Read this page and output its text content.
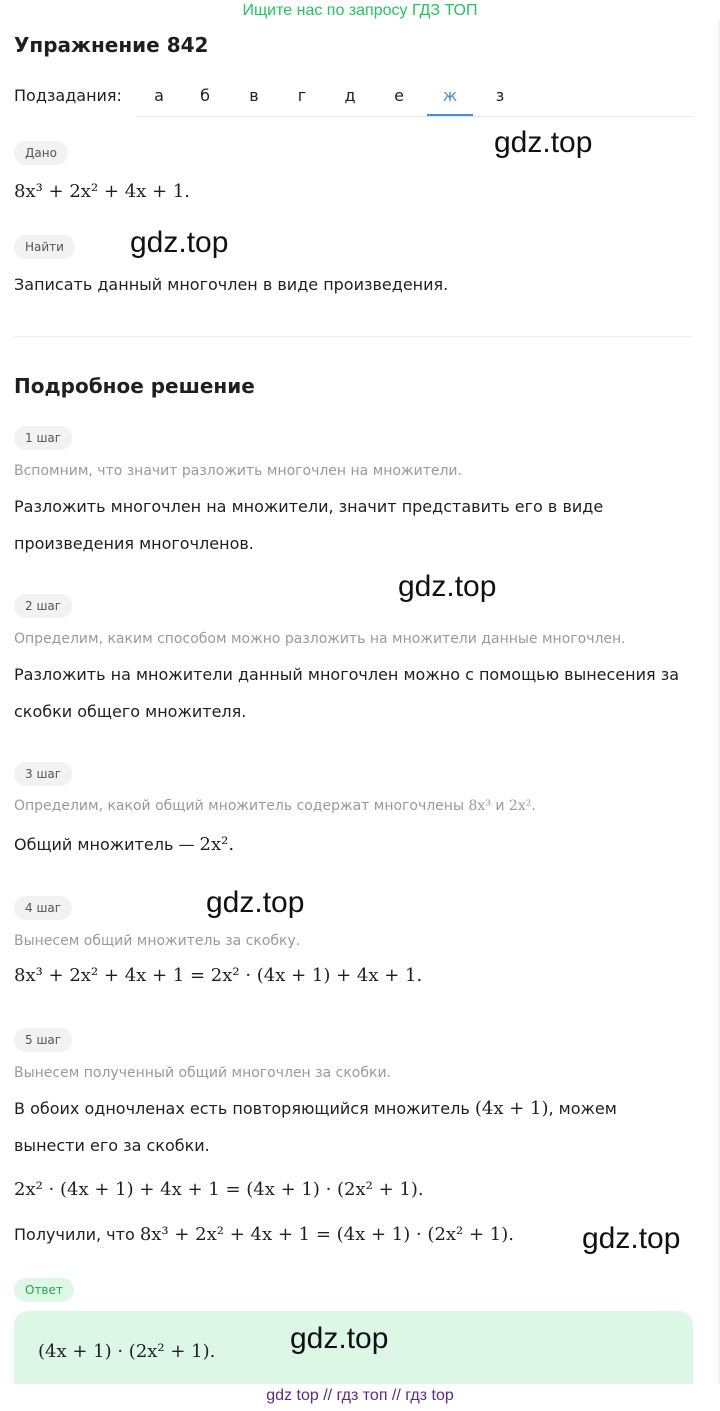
Ищите нас по запросу ГДЗ ТОП
Упражнение 842
Подзадания:	а	б	в	г	д	е	ж	з
gdz.top
Дано
8x³ + 2x² + 4x + 1.
Найти	gdz.top
Записать данный многочлен в виде произведения.
Подробное решение
1 шаг
Вспомним, что значит разложить многочлен на множители.
Разложить многочлен на множители, значит представить его в виде произведения многочленов.
gdz.top
2 шаг
Определим, каким способом можно разложить на множители данные многочлен.
Разложить на множители данный многочлен можно с помощью вынесения за скобки общего множителя.
3 шаг
Определим, какой общий множитель содержат многочлены 8x³ и 2x².
Общий множитель — 2x².
gdz.top
4 шаг
Вынесем общий множитель за скобку.
8x³ + 2x² + 4x + 1 = 2x² · (4x + 1) + 4x + 1.
5 шаг
Вынесем полученный общий многочлен за скобки.
В обоих одночленах есть повторяющийся множитель (4x + 1), можем вынести его за скобки.
2x² · (4x + 1) + 4x + 1 = (4x + 1) · (2x² + 1).
Получили, что 8x³ + 2x² + 4x + 1 = (4x + 1) · (2x² + 1).	gdz.top
Ответ
(4x + 1) · (2x² + 1). gdz.top
gdz top // гдз топ // гдз top
